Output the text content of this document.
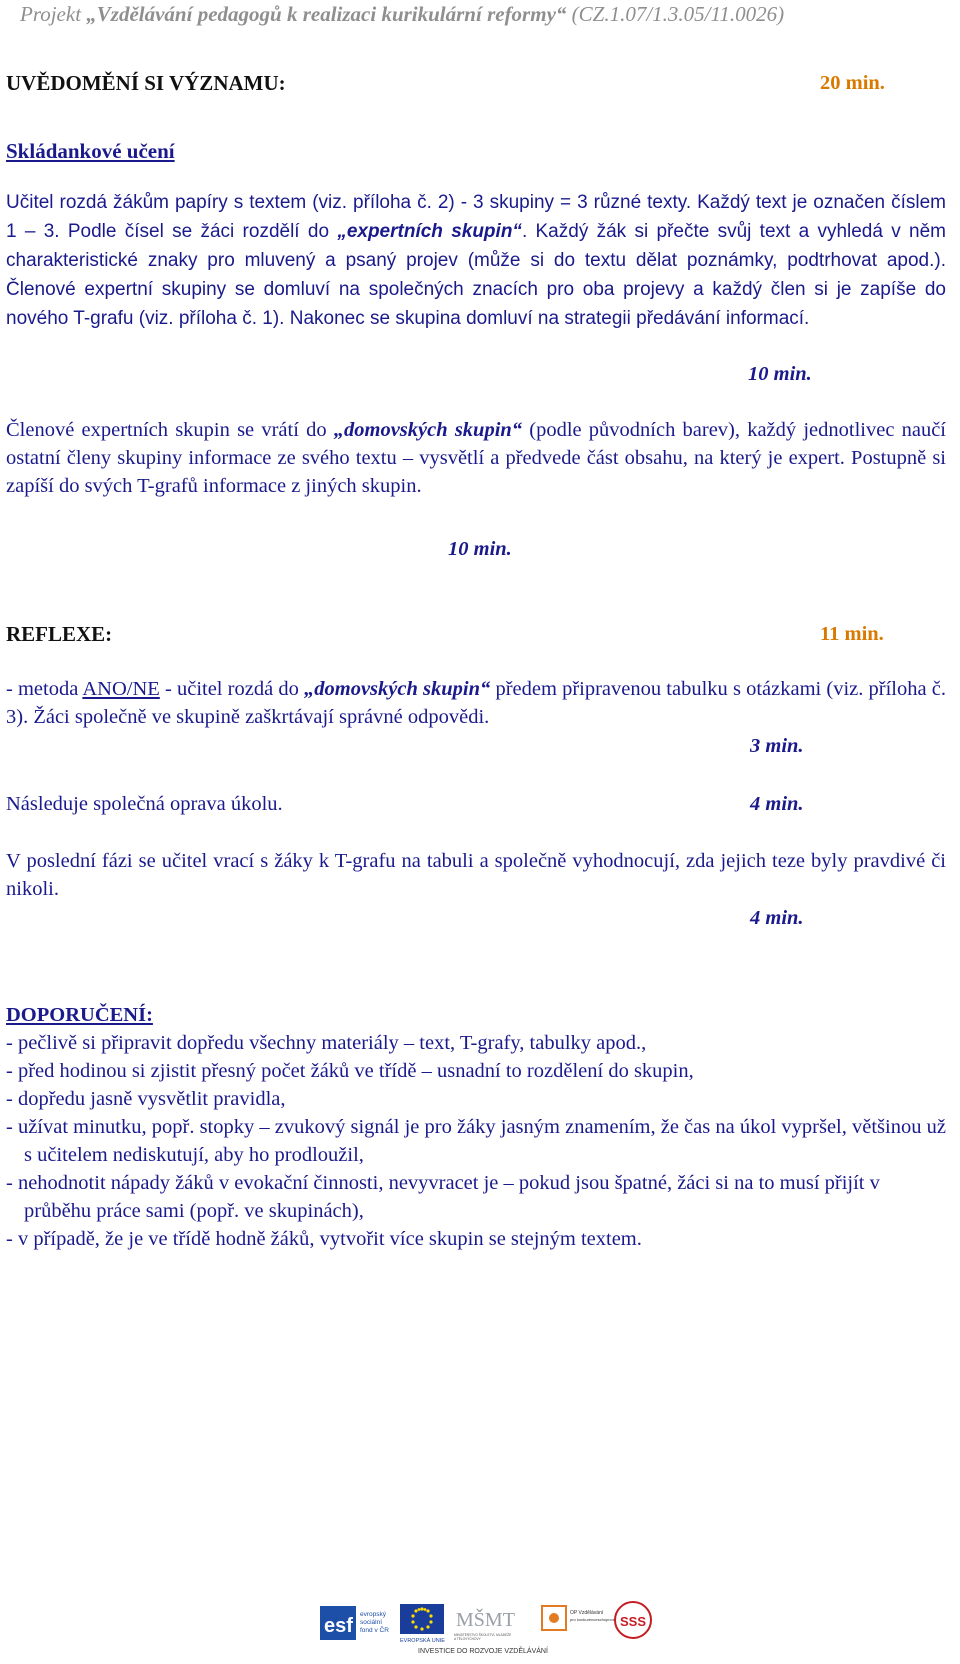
Projekt „Vzdělávání pedagogů k realizaci kurikulární reformy“ (CZ.1.07/1.3.05/11.0026)
UVĚDOMĚNÍ SI VÝZNAMU:	20 min.
Skládankové učení
Učitel rozdá žákům papíry s textem (viz. příloha č. 2) - 3 skupiny = 3 různé texty. Každý text je označen číslem 1 – 3. Podle čísel se žáci rozdělí do „expertních skupin“. Každý žák si přečte svůj text a vyhledá v něm charakteristické znaky pro mluvený a psaný projev (může si do textu dělat poznámky, podtrhovat apod.). Členové expertní skupiny se domluví na společných znacích pro oba projevy a každý člen si je zapíše do nového T-grafu (viz. příloha č. 1). Nakonec se skupina domluví na strategii předávání informací.
10 min.
Členové expertních skupin se vrátí do „domovských skupin“ (podle původních barev), každý jednotlivec naučí ostatní členy skupiny informace ze svého textu – vysvětlí a předvede část obsahu, na který je expert. Postupně si zapíší do svých T-grafů informace z jiných skupin.
10 min.
REFLEXE:	11 min.
- metoda ANO/NE - učitel rozdá do „domovských skupin“ předem připravenou tabulku s otázkami (viz. příloha č. 3). Žáci společně ve skupině zaškrtávají správné odpovědi.
3 min.
Následuje společná oprava úkolu.	4 min.
V poslední fázi se učitel vrací s žáky k T-grafu na tabuli a společně vyhodnocují, zda jejich teze byly pravdivé či nikoli.
4 min.
DOPORUČENÍ:
- pečlivě si připravit dopředu všechny materiály – text, T-grafy, tabulky apod.,
- před hodinou si zjistit přesný počet žáků ve třídě – usnadní to rozdělení do skupin,
- dopředu jasně vysvětlit pravidla,
- užívat minutku, popř. stopky – zvukový signál je pro žáky jasným znamením, že čas na úkol vypršel, většinou už s učitelem nediskutují, aby ho prodloužil,
- nehodnotit nápady žáků v evokační činnosti, nevyvracet je – pokud jsou špatné, žáci si na to musí přijít v průběhu práce sami (popř. ve skupinách),
- v případě, že je ve třídě hodně žáků, vytvořit více skupin se stejným textem.
esf
evropský
sociální
fond v ČR
EVROPSKÁ UNIE
MŠMT
MINISTERSTVO ŠKOLSTVÍ, MLÁDEŽE
A TĚLOVÝCHOVY
OP Vzdělávání
pro konkurenceschopnost SSS
INVESTICE DO ROZVOJE VZDĚLÁVÁNÍ
